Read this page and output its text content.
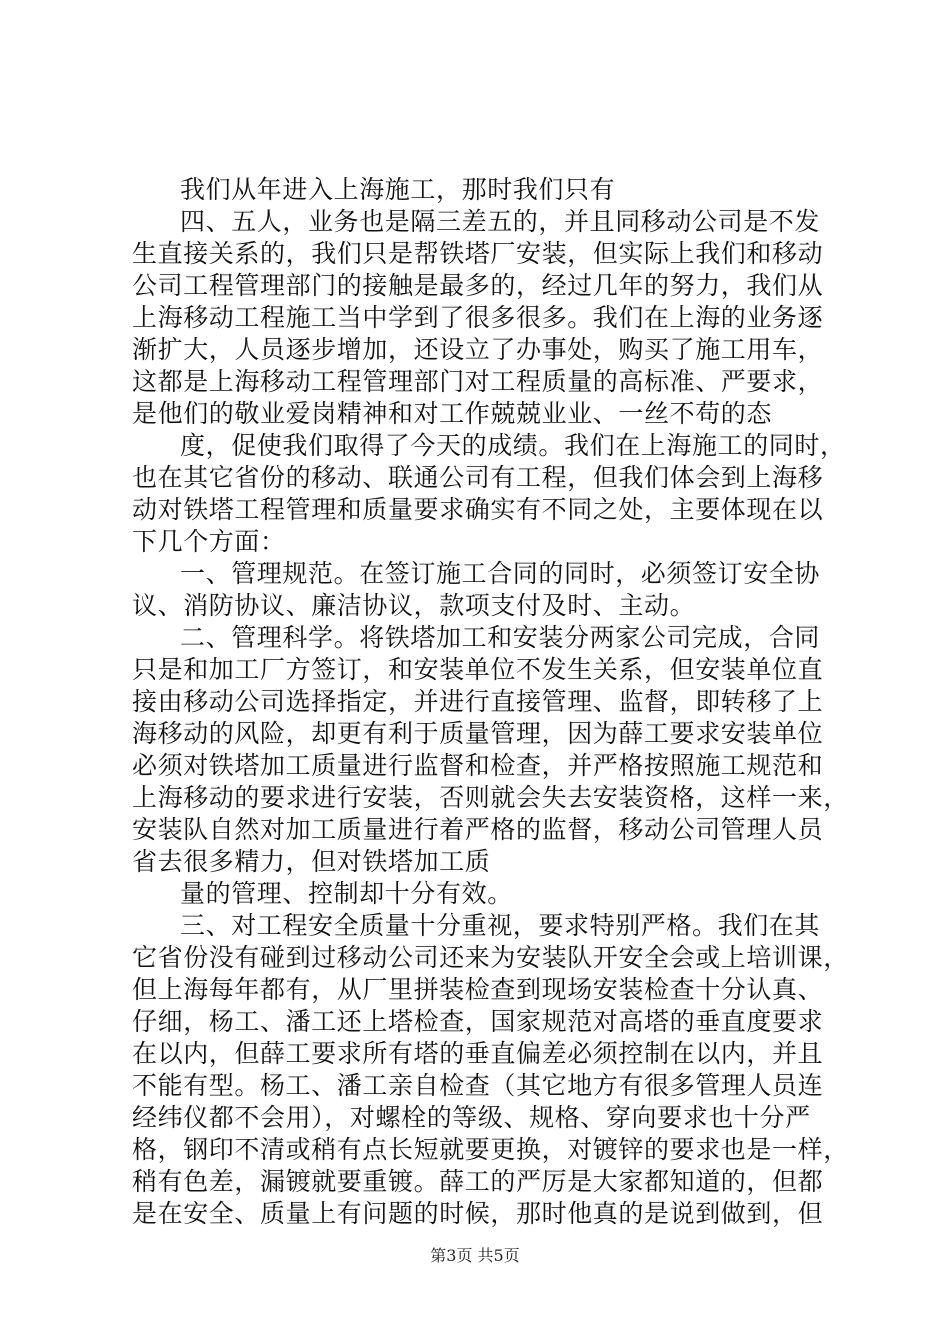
我们从年进入上海施工，那时我们只有
四、五人，业务也是隔三差五的，并且同移动公司是不发
生直接关系的，我们只是帮铁塔厂安装，但实际上我们和移动
公司工程管理部门的接触是最多的，经过几年的努力，我们从
上海移动工程施工当中学到了很多很多。我们在上海的业务逐
渐扩大，人员逐步增加，还设立了办事处，购买了施工用车，
这都是上海移动工程管理部门对工程质量的高标准、严要求，
是他们的敬业爱岗精神和对工作兢兢业业、一丝不苟的态
度，促使我们取得了今天的成绩。我们在上海施工的同时，
也在其它省份的移动、联通公司有工程，但我们体会到上海移
动对铁塔工程管理和质量要求确实有不同之处，主要体现在以
下几个方面：
一、管理规范。在签订施工合同的同时，必须签订安全协
议、消防协议、廉洁协议，款项支付及时、主动。
二、管理科学。将铁塔加工和安装分两家公司完成，合同
只是和加工厂方签订，和安装单位不发生关系，但安装单位直
接由移动公司选择指定，并进行直接管理、监督，即转移了上
海移动的风险，却更有利于质量管理，因为薛工要求安装单位
必须对铁塔加工质量进行监督和检查，并严格按照施工规范和
上海移动的要求进行安装，否则就会失去安装资格，这样一来，
安装队自然对加工质量进行着严格的监督，移动公司管理人员
省去很多精力，但对铁塔加工质
量的管理、控制却十分有效。
三、对工程安全质量十分重视，要求特别严格。我们在其
它省份没有碰到过移动公司还来为安装队开安全会或上培训课，
但上海每年都有，从厂里拼装检查到现场安装检查十分认真、
仔细，杨工、潘工还上塔检查，国家规范对高塔的垂直度要求
在以内，但薛工要求所有塔的垂直偏差必须控制在以内，并且
不能有型。杨工、潘工亲自检查（其它地方有很多管理人员连
经纬仪都不会用），对螺栓的等级、规格、穿向要求也十分严
格，钢印不清或稍有点长短就要更换，对镀锌的要求也是一样，
稍有色差，漏镀就要重镀。薛工的严厉是大家都知道的，但都
是在安全、质量上有问题的时候，那时他真的是说到做到，但
第3页 共5页
